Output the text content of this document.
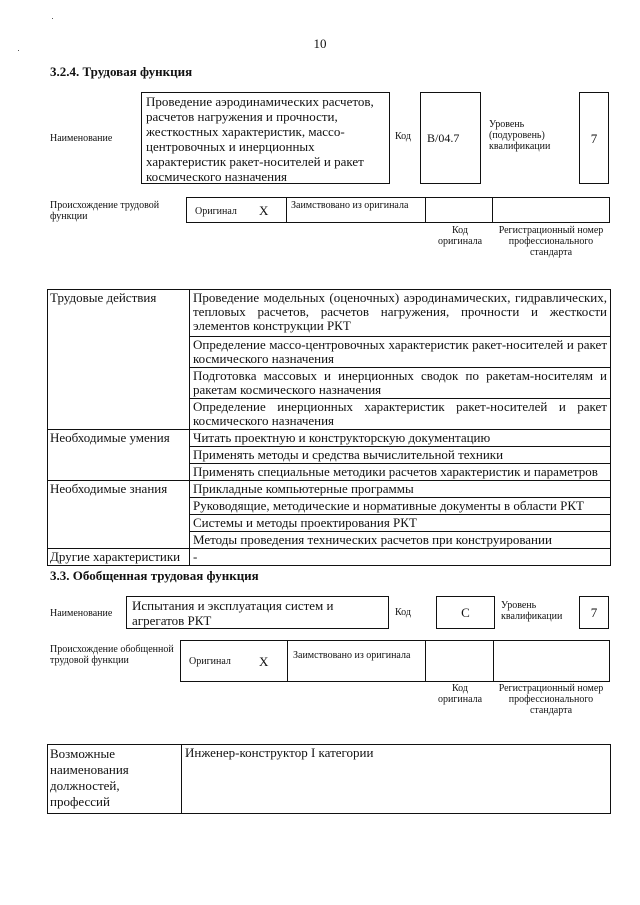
10
3.2.4. Трудовая функция
Наименование
Проведение аэродинамических расчетов, расчетов нагружения и прочности, жесткостных характеристик, массо-центровочных и инерционных характеристик ракет-носителей и ракет космического назначения
Код	B/04.7
Уровень (подуровень) квалификации
7
Происхождение трудовой функции	Оригинал X Заимствовано из оригинала
Код оригинала
Регистрационный номер профессионального стандарта
Трудовые действия	Проведение модельных (оценочных) аэродинамических, гидравлических, тепловых расчетов, расчетов нагружения, прочности и жесткости элементов конструкции РКТ
	Определение массо-центровочных характеристик ракет-носителей и ракет космического назначения
	Подготовка массовых и инерционных сводок по ракетам-носителям и ракетам космического назначения
	Определение инерционных характеристик ракет-носителей и ракет космического назначения
Необходимые умения	Читать проектную и конструкторскую документацию
	Применять методы и средства вычислительной техники
	Применять специальные методики расчетов характеристик и параметров
Необходимые знания	Прикладные компьютерные программы
	Руководящие, методические и нормативные документы в области РКТ
	Системы и методы проектирования РКТ
	Методы проведения технических расчетов при конструировании
Другие характеристики	-
3.3. Обобщенная трудовая функция
Наименование
Испытания и эксплуатация систем и агрегатов РКТ
Код	C	Уровень квалификации	7
Происхождение обобщенной трудовой функции	Оригинал X Заимствовано из оригинала
Код оригинала
Регистрационный номер профессионального стандарта
Возможные наименования должностей, профессий	Инженер-конструктор I категории
